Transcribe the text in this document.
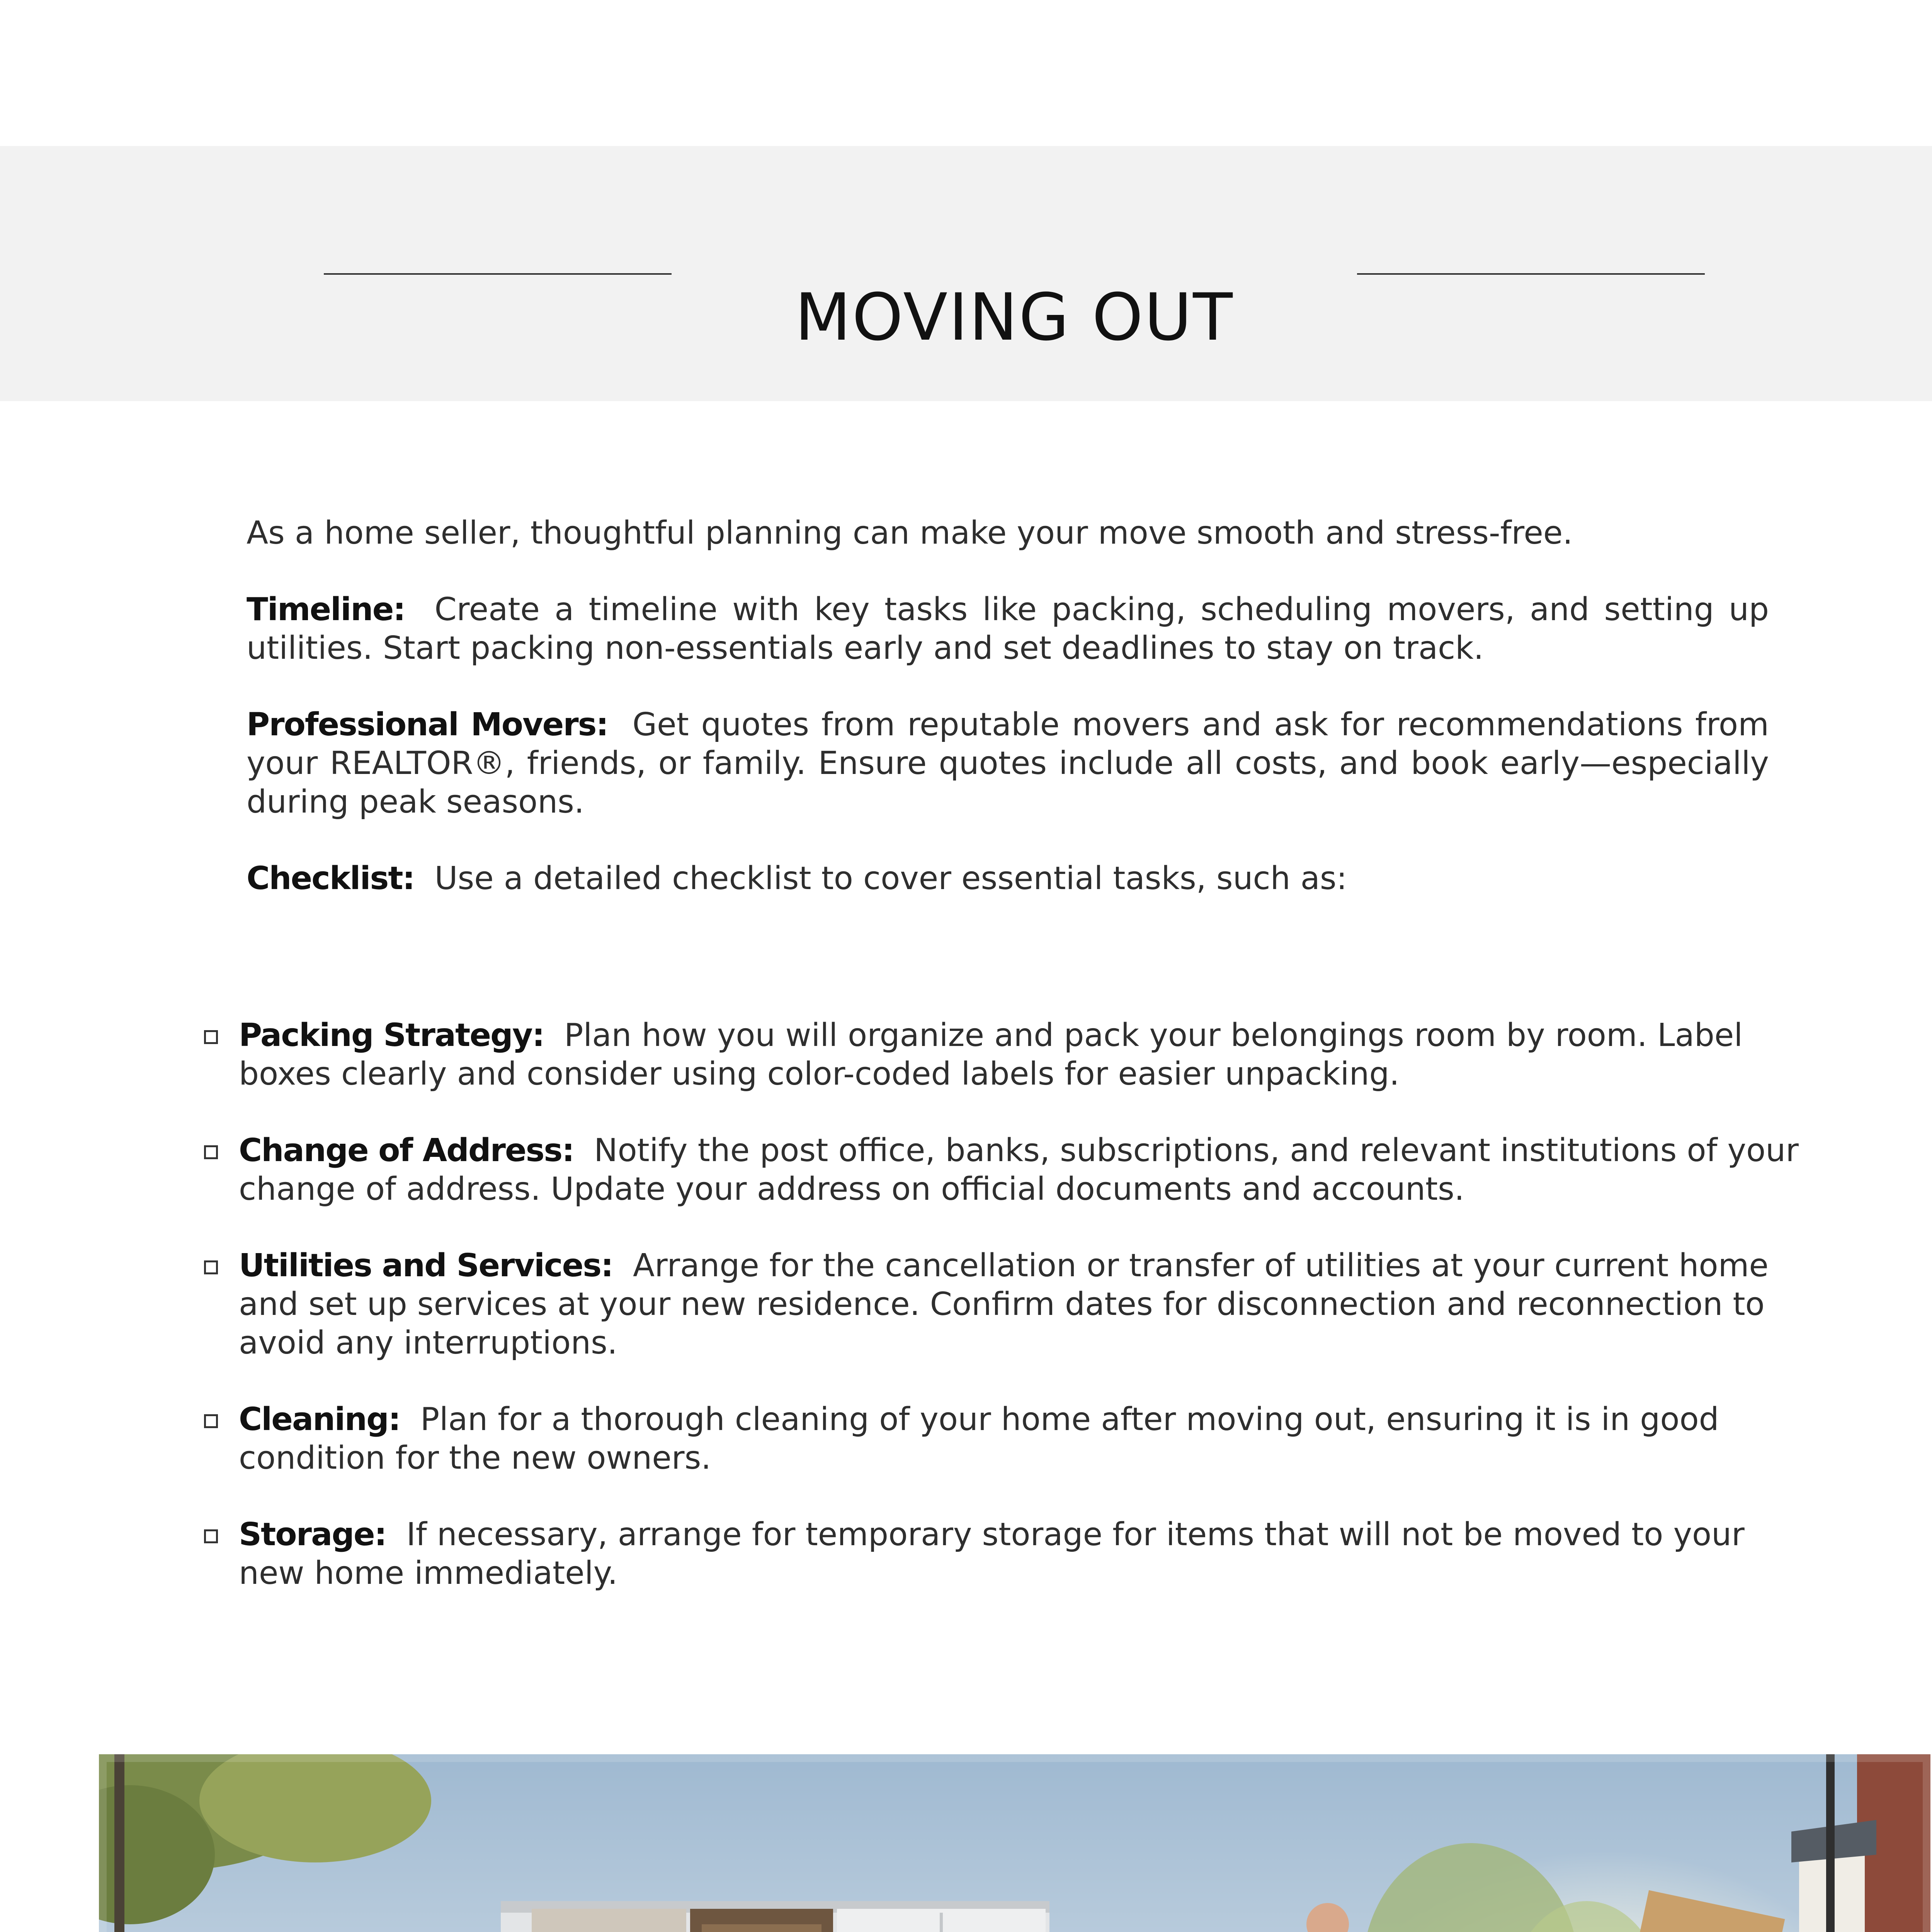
MOVING OUT

As a home seller, thoughtful planning can make your move smooth and stress-free.

Timeline: Create a timeline with key tasks like packing, scheduling movers, and setting up utilities. Start packing non-essentials early and set deadlines to stay on track.

Professional Movers: Get quotes from reputable movers and ask for recommendations from your REALTOR®, friends, or family. Ensure quotes include all costs, and book early—especially during peak seasons.

Checklist: Use a detailed checklist to cover essential tasks, such as:

Packing Strategy: Plan how you will organize and pack your belongings room by room. Label boxes clearly and consider using color-coded labels for easier unpacking.

Change of Address: Notify the post office, banks, subscriptions, and relevant institutions of your change of address. Update your address on official documents and accounts.

Utilities and Services: Arrange for the cancellation or transfer of utilities at your current home and set up services at your new residence. Confirm dates for disconnection and reconnection to avoid any interruptions.

Cleaning: Plan for a thorough cleaning of your home after moving out, ensuring it is in good condition for the new owners.

Storage: If necessary, arrange for temporary storage for items that will not be moved to your new home immediately.
